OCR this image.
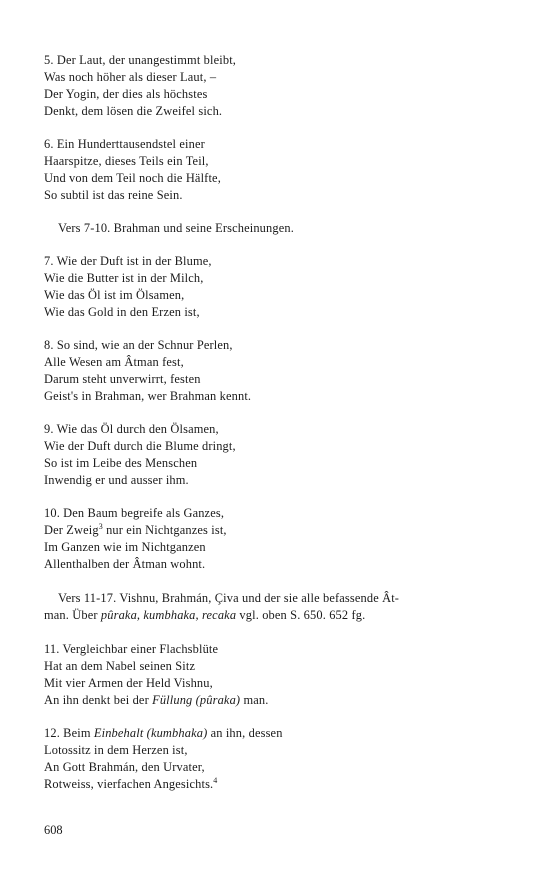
5. Der Laut, der unangestimmt bleibt,
Was noch höher als dieser Laut, –
Der Yogin, der dies als höchstes
Denkt, dem lösen die Zweifel sich.
6. Ein Hunderttausendstel einer
Haarspitze, dieses Teils ein Teil,
Und von dem Teil noch die Hälfte,
So subtil ist das reine Sein.
Vers 7-10. Brahman und seine Erscheinungen.
7. Wie der Duft ist in der Blume,
Wie die Butter ist in der Milch,
Wie das Öl ist im Ölsamen,
Wie das Gold in den Erzen ist,
8. So sind, wie an der Schnur Perlen,
Alle Wesen am Âtman fest,
Darum steht unverwirrt, festen
Geist's in Brahman, wer Brahman kennt.
9. Wie das Öl durch den Ölsamen,
Wie der Duft durch die Blume dringt,
So ist im Leibe des Menschen
Inwendig er und ausser ihm.
10. Den Baum begreife als Ganzes,
Der Zweig$^3$ nur ein Nichtganzes ist,
Im Ganzen wie im Nichtganzen
Allenthalben der Âtman wohnt.
Vers 11-17. Vishnu, Brahmán, Çiva und der sie alle befassende Ât-
man. Über pûraka, kumbhaka, recaka vgl. oben S. 650. 652 fg.
11. Vergleichbar einer Flachsblüte
Hat an dem Nabel seinen Sitz
Mit vier Armen der Held Vishnu,
An ihn denkt bei der Füllung (pûraka) man.
12. Beim Einbehalt (kumbhaka) an ihn, dessen
Lotossitz in dem Herzen ist,
An Gott Brahmán, den Urvater,
Rotweiss, vierfachen Angesichts.$^4$
608
